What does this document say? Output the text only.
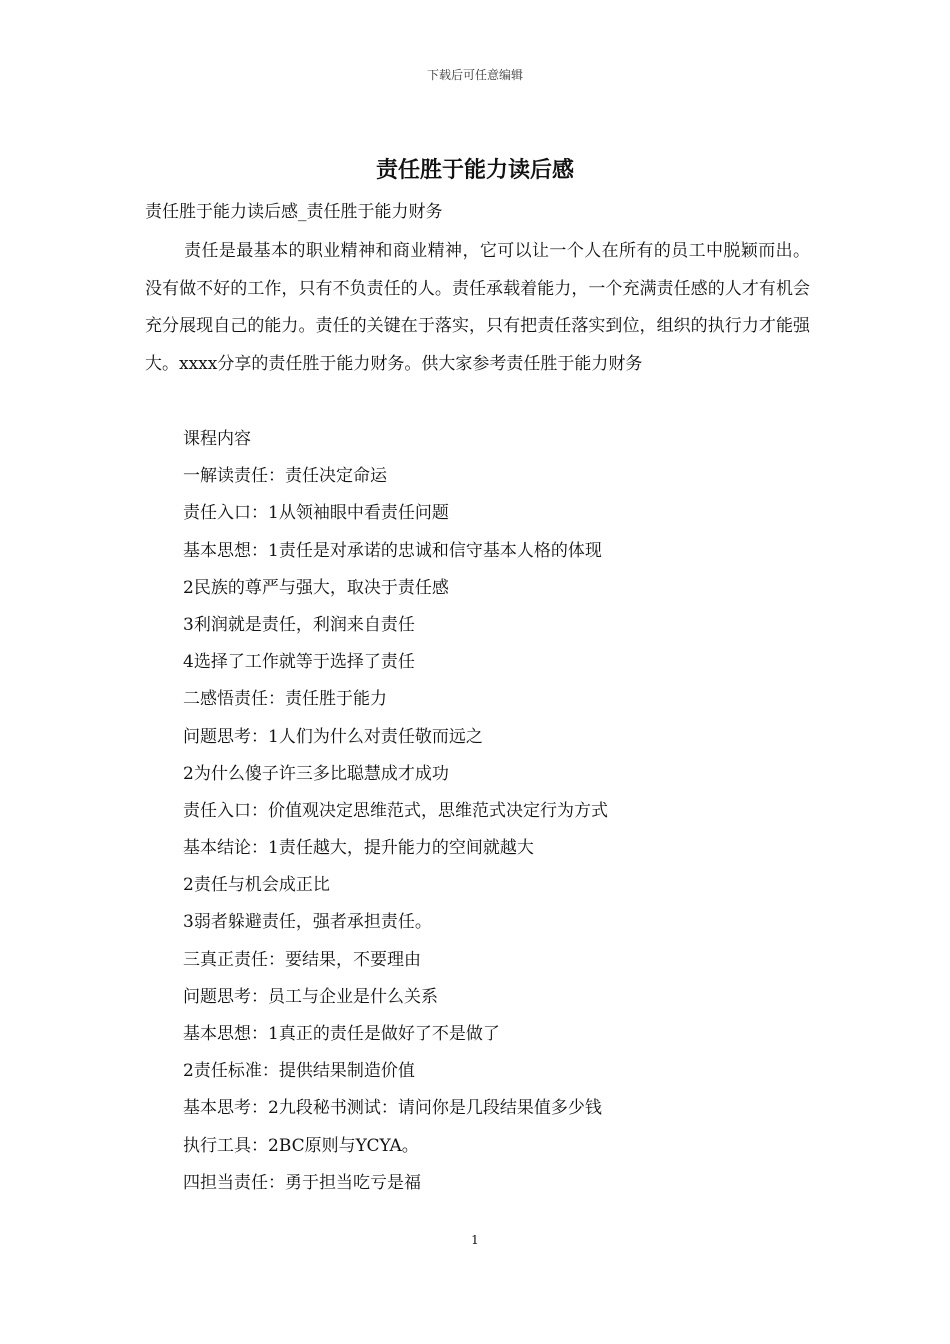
下载后可任意编辑
责任胜于能力读后感

责任胜于能力读后感_责任胜于能力财务

责任是最基本的职业精神和商业精神，它可以让一个人在所有的员工中脱颖而出。没有做不好的工作，只有不负责任的人。责任承载着能力，一个充满责任感的人才有机会充分展现自己的能力。责任的关键在于落实，只有把责任落实到位，组织的执行力才能强大。xxxx分享的责任胜于能力财务。供大家参考责任胜于能力财务

课程内容
一解读责任：责任决定命运
责任入口：1从领袖眼中看责任问题
基本思想：1责任是对承诺的忠诚和信守基本人格的体现
2民族的尊严与强大，取决于责任感
3利润就是责任，利润来自责任
4选择了工作就等于选择了责任
二感悟责任：责任胜于能力
问题思考：1人们为什么对责任敬而远之
2为什么傻子许三多比聪慧成才成功
责任入口：价值观决定思维范式，思维范式决定行为方式
基本结论：1责任越大，提升能力的空间就越大
2责任与机会成正比
3弱者躲避责任，强者承担责任。
三真正责任：要结果，不要理由
问题思考：员工与企业是什么关系
基本思想：1真正的责任是做好了不是做了
2责任标准：提供结果制造价值
基本思考：2九段秘书测试：请问你是几段结果值多少钱
执行工具：2BC原则与YCYA。
四担当责任：勇于担当吃亏是福
1
